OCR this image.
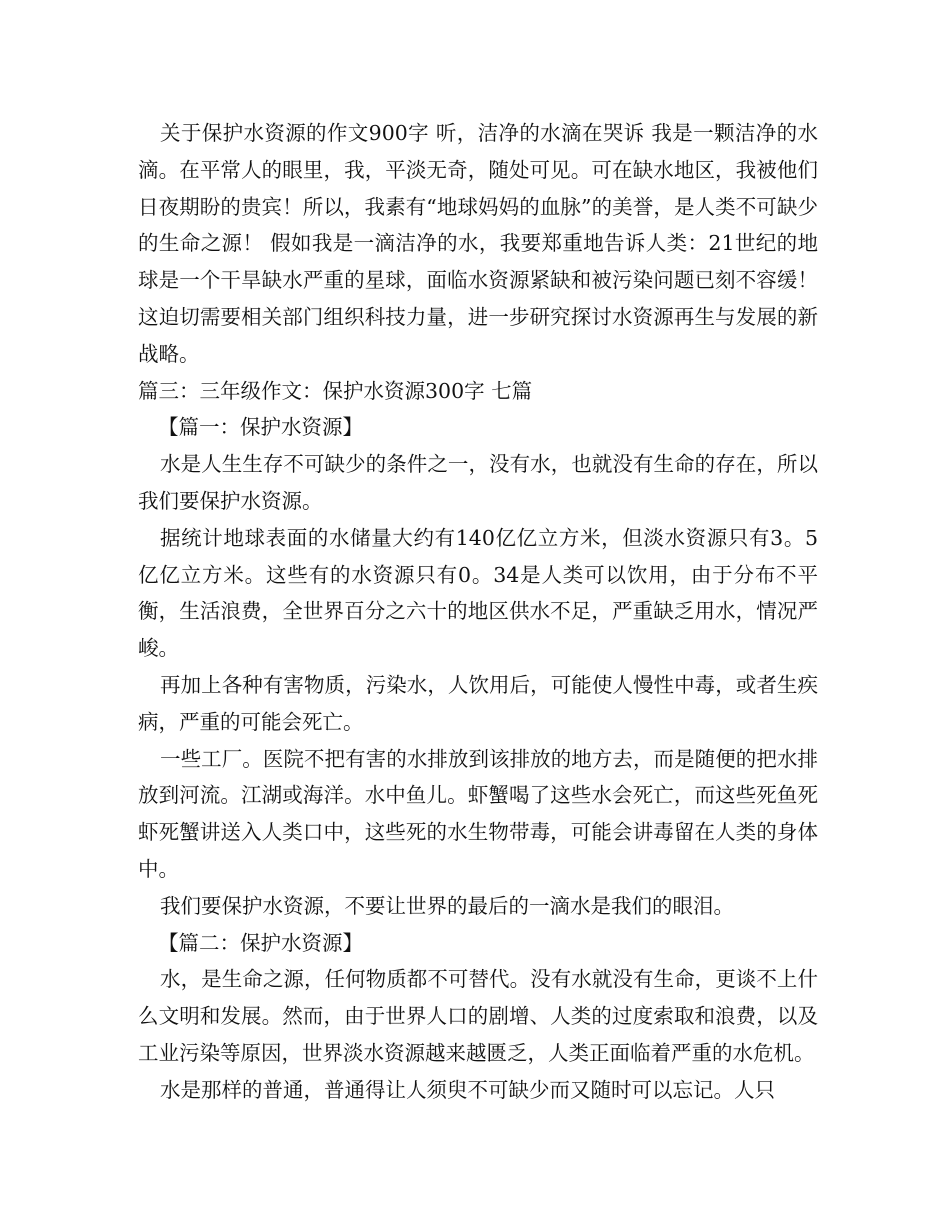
关于保护水资源的作文900字 听，洁净的水滴在哭诉 我是一颗洁净的水滴。在平常人的眼里，我，平淡无奇，随处可见。可在缺水地区，我被他们日夜期盼的贵宾！所以，我素有“地球妈妈的血脉”的美誉，是人类不可缺少的生命之源！ 假如我是一滴洁净的水，我要郑重地告诉人类：21世纪的地球是一个干旱缺水严重的星球，面临水资源紧缺和被污染问题已刻不容缓！这迫切需要相关部门组织科技力量，进一步研究探讨水资源再生与发展的新战略。

篇三：三年级作文：保护水资源300字 七篇

【篇一：保护水资源】

水是人生生存不可缺少的条件之一，没有水，也就没有生命的存在，所以我们要保护水资源。

据统计地球表面的水储量大约有140亿亿立方米，但淡水资源只有3。5亿亿立方米。这些有的水资源只有0。34是人类可以饮用，由于分布不平衡，生活浪费，全世界百分之六十的地区供水不足，严重缺乏用水，情况严峻。

再加上各种有害物质，污染水，人饮用后，可能使人慢性中毒，或者生疾病，严重的可能会死亡。

一些工厂。医院不把有害的水排放到该排放的地方去，而是随便的把水排放到河流。江湖或海洋。水中鱼儿。虾蟹喝了这些水会死亡，而这些死鱼死虾死蟹讲送入人类口中，这些死的水生物带毒，可能会讲毒留在人类的身体中。

我们要保护水资源，不要让世界的最后的一滴水是我们的眼泪。

【篇二：保护水资源】

水，是生命之源，任何物质都不可替代。没有水就没有生命，更谈不上什么文明和发展。然而，由于世界人口的剧增、人类的过度索取和浪费，以及工业污染等原因，世界淡水资源越来越匮乏，人类正面临着严重的水危机。

水是那样的普通，普通得让人须臾不可缺少而又随时可以忘记。人只
